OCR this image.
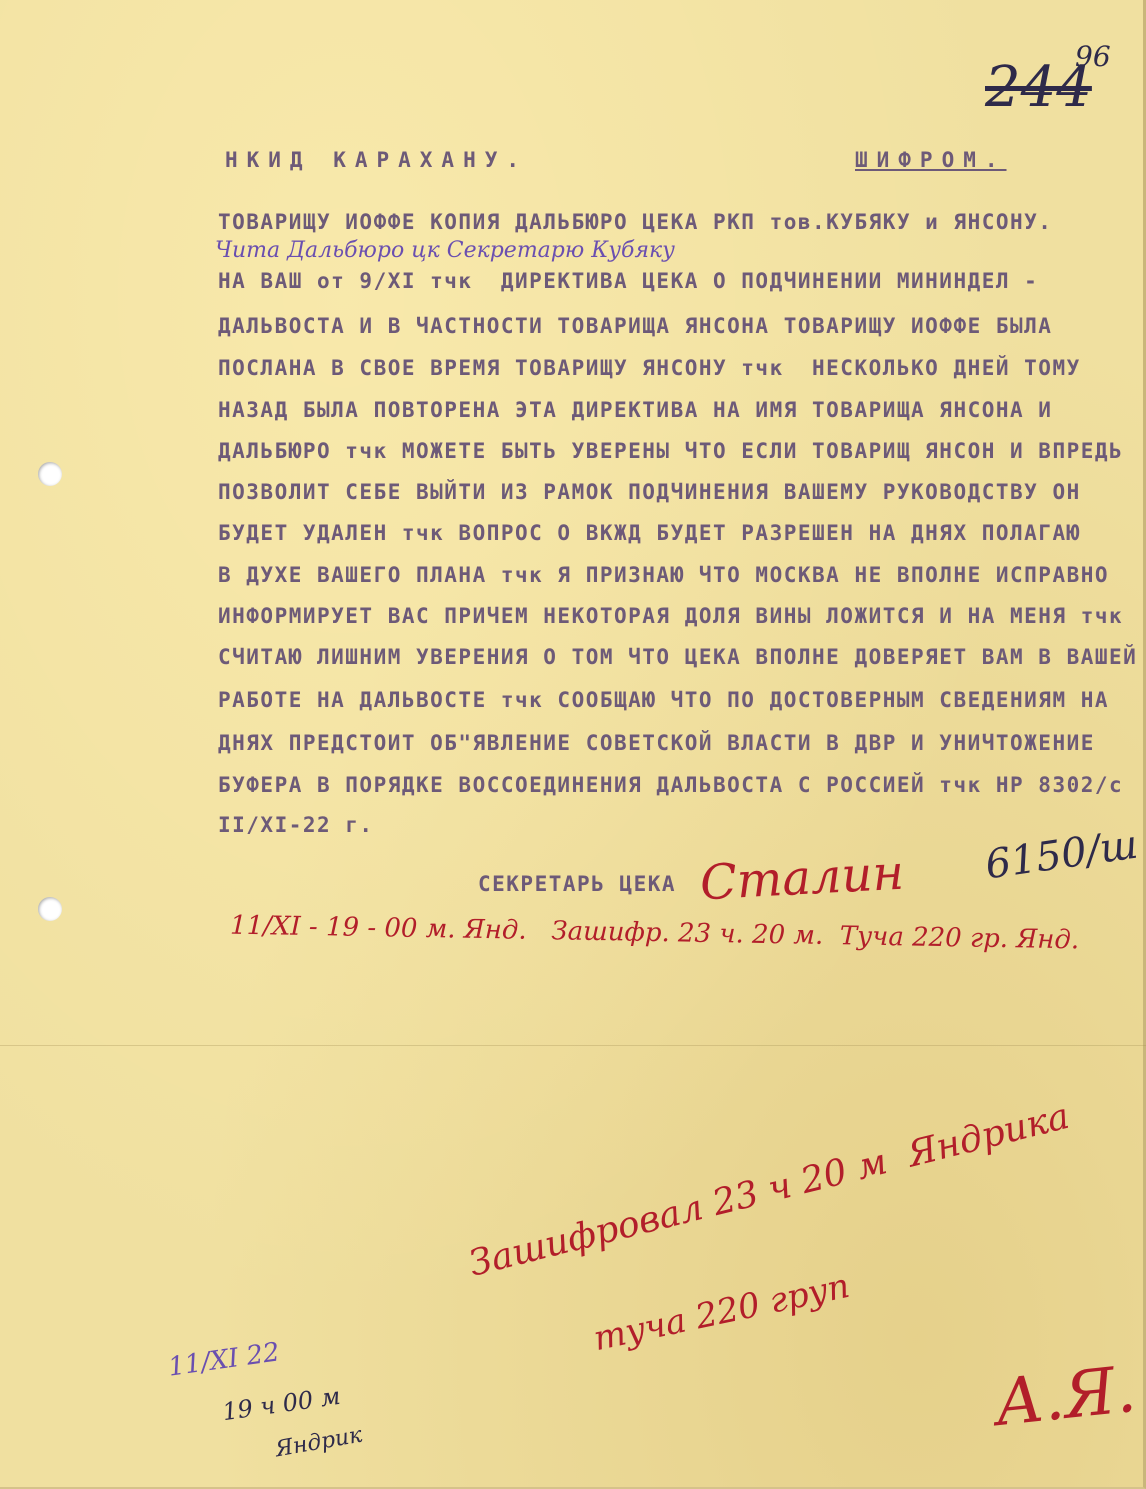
244
96
НКИД КАРАХАНУ.	ШИФРОМ.
ТОВАРИЩУ ИОФФЕ КОПИЯ ДАЛЬБЮРО ЦЕКА РКП тов.КУБЯКУ и ЯНСОНУ.
Чита Дальбюро цк Секретарю Кубяку
НА ВАШ от 9/XI тчк  ДИРЕКТИВА ЦЕКА О ПОДЧИНЕНИИ МИНИНДЕЛ -
ДАЛЬВОСТА И В ЧАСТНОСТИ ТОВАРИЩА ЯНСОНА ТОВАРИЩУ ИОФФЕ БЫЛА
ПОСЛАНА В СВОЕ ВРЕМЯ ТОВАРИЩУ ЯНСОНУ тчк  НЕСКОЛЬКО ДНЕЙ ТОМУ
НАЗАД БЫЛА ПОВТОРЕНА ЭТА ДИРЕКТИВА НА ИМЯ ТОВАРИЩА ЯНСОНА И
ДАЛЬБЮРО тчк МОЖЕТЕ БЫТЬ УВЕРЕНЫ ЧТО ЕСЛИ ТОВАРИЩ ЯНСОН И ВПРЕДЬ
ПОЗВОЛИТ СЕБЕ ВЫЙТИ ИЗ РАМОК ПОДЧИНЕНИЯ ВАШЕМУ РУКОВОДСТВУ ОН
БУДЕТ УДАЛЕН тчк ВОПРОС О ВКЖД БУДЕТ РАЗРЕШЕН НА ДНЯХ ПОЛАГАЮ
В ДУХЕ ВАШЕГО ПЛАНА тчк Я ПРИЗНАЮ ЧТО МОСКВА НЕ ВПОЛНЕ ИСПРАВНО
ИНФОРМИРУЕТ ВАС ПРИЧЕМ НЕКОТОРАЯ ДОЛЯ ВИНЫ ЛОЖИТСЯ И НА МЕНЯ тчк
СЧИТАЮ ЛИШНИМ УВЕРЕНИЯ О ТОМ ЧТО ЦЕКА ВПОЛНЕ ДОВЕРЯЕТ ВАМ В ВАШЕЙ
РАБОТЕ НА ДАЛЬВОСТЕ тчк СООБЩАЮ ЧТО ПО ДОСТОВЕРНЫМ СВЕДЕНИЯМ НА
ДНЯХ ПРЕДСТОИТ ОБ"ЯВЛЕНИЕ СОВЕТСКОЙ ВЛАСТИ В ДВР И УНИЧТОЖЕНИЕ
БУФЕРА В ПОРЯДКЕ ВОССОЕДИНЕНИЯ ДАЛЬВОСТА С РОССИЕЙ тчк НР 8302/с
II/XI-22 г.	6150/ш
СЕКРЕТАРЬ ЦЕКА Сталин
11/XI - 19 - 00 м. Янд.   Зашифр. 23 ч. 20 м.  Туча 220 гр. Янд.
Зашифровал 23 ч 20 м  Яндрика
туча 220 груп
11/XI 22
19 ч 00 м
Яндрик
А.Я.
